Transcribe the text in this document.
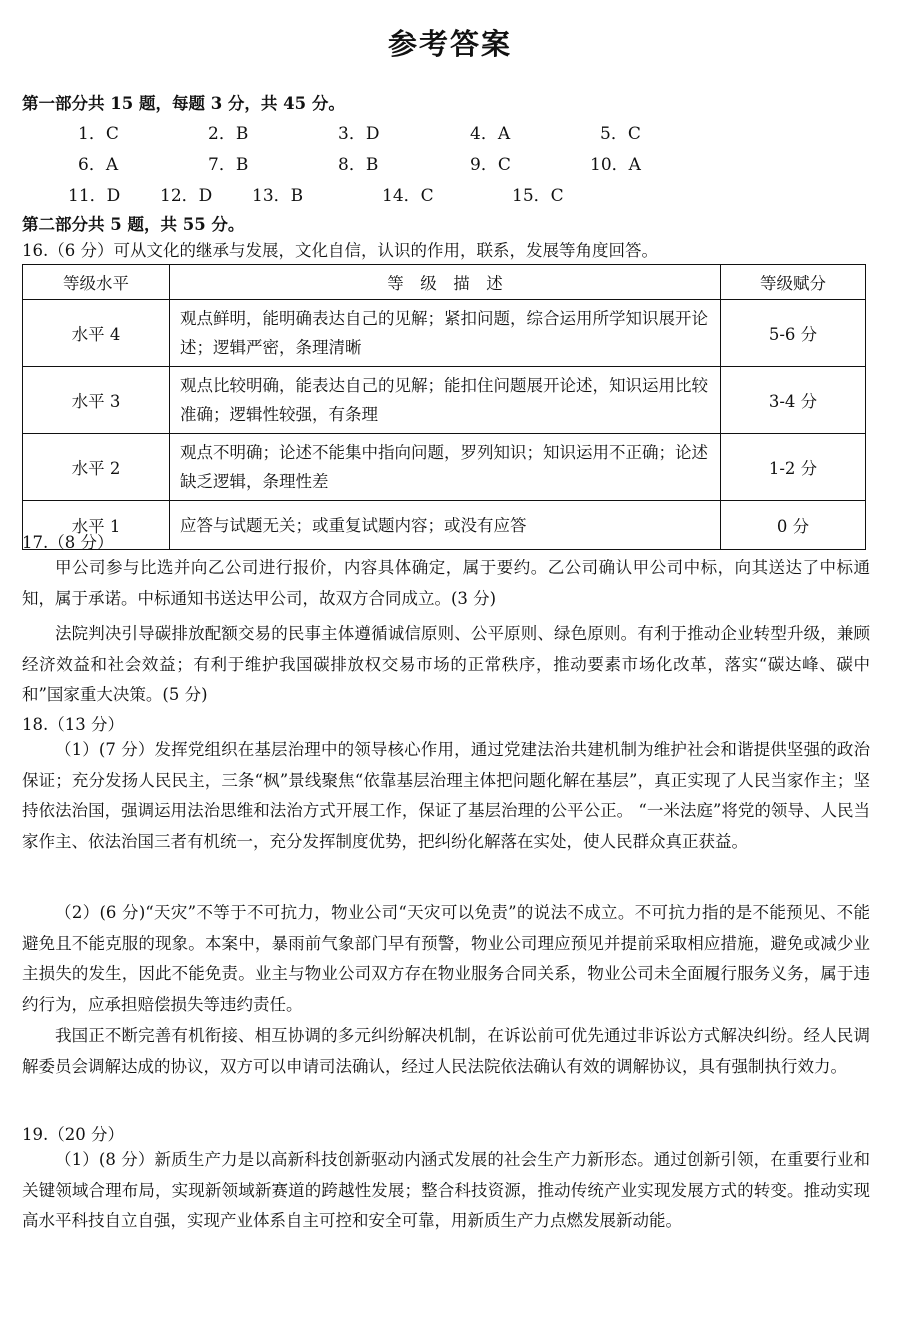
参考答案
第一部分共 15 题，每题 3 分，共 45 分。
1．C	2．B	3．D	4．A	5．C
6．A	7．B	8．B	9．C	10．A
11．D 12．D 13．B	14．C	15．C
第二部分共 5 题，共 55 分。
16.（6 分）可从文化的继承与发展，文化自信，认识的作用，联系，发展等角度回答。
等级水平	等　级　描　述	等级赋分
水平 4	观点鲜明，能明确表达自己的见解；紧扣问题，综合运用所学知识展开论述；逻辑严密，条理清晰	5-6 分
水平 3	观点比较明确，能表达自己的见解；能扣住问题展开论述，知识运用比较准确；逻辑性较强，有条理	3-4 分
水平 2	观点不明确；论述不能集中指向问题，罗列知识；知识运用不正确；论述缺乏逻辑，条理性差	1-2 分
水平 1	应答与试题无关；或重复试题内容；或没有应答	0 分
17.（8 分）
甲公司参与比选并向乙公司进行报价，内容具体确定，属于要约。乙公司确认甲公司中标，向其送达了中标通知，属于承诺。中标通知书送达甲公司，故双方合同成立。(3 分)
法院判决引导碳排放配额交易的民事主体遵循诚信原则、公平原则、绿色原则。有利于推动企业转型升级，兼顾经济效益和社会效益；有利于维护我国碳排放权交易市场的正常秩序，推动要素市场化改革，落实“碳达峰、碳中和”国家重大决策。(5 分)
18.（13 分）
（1）(7 分）发挥党组织在基层治理中的领导核心作用，通过党建法治共建机制为维护社会和谐提供坚强的政治保证；充分发扬人民民主，三条“枫”景线聚焦“依靠基层治理主体把问题化解在基层”，真正实现了人民当家作主；坚持依法治国，强调运用法治思维和法治方式开展工作，保证了基层治理的公平公正。 “一米法庭”将党的领导、人民当家作主、依法治国三者有机统一，充分发挥制度优势，把纠纷化解落在实处，使人民群众真正获益。
（2）(6 分)“天灾”不等于不可抗力，物业公司“天灾可以免责”的说法不成立。不可抗力指的是不能预见、不能避免且不能克服的现象。本案中，暴雨前气象部门早有预警，物业公司理应预见并提前采取相应措施，避免或减少业主损失的发生，因此不能免责。业主与物业公司双方存在物业服务合同关系，物业公司未全面履行服务义务，属于违约行为，应承担赔偿损失等违约责任。
我国正不断完善有机衔接、相互协调的多元纠纷解决机制，在诉讼前可优先通过非诉讼方式解决纠纷。经人民调解委员会调解达成的协议，双方可以申请司法确认，经过人民法院依法确认有效的调解协议，具有强制执行效力。
19.（20 分）
（1）(8 分）新质生产力是以高新科技创新驱动内涵式发展的社会生产力新形态。通过创新引领，在重要行业和关键领域合理布局，实现新领域新赛道的跨越性发展；整合科技资源，推动传统产业实现发展方式的转变。推动实现高水平科技自立自强，实现产业体系自主可控和安全可靠，用新质生产力点燃发展新动能。
